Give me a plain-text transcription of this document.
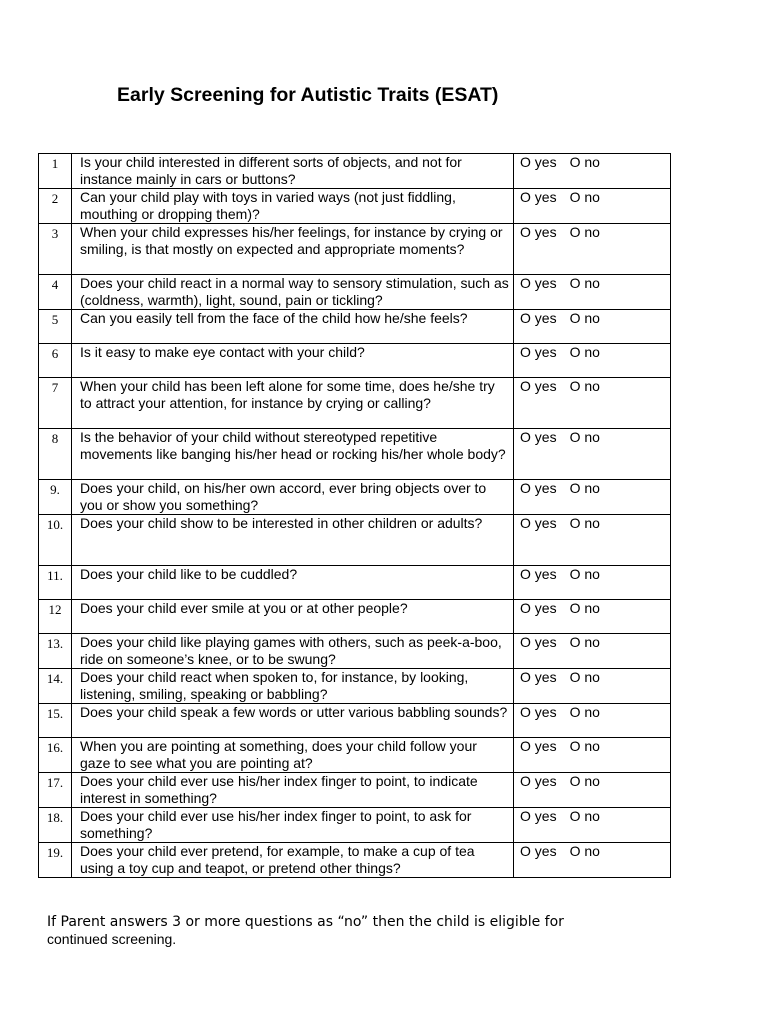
Early Screening for Autistic Traits (ESAT)
1	Is your child interested in different sorts of objects, and not for instance mainly in cars or buttons?	O yes O no

2	Can your child play with toys in varied ways (not just fiddling, mouthing or dropping them)?	O yes O no

3	When your child expresses his/her feelings, for instance by crying or smiling, is that mostly on expected and appropriate moments?	O yes O no

4	Does your child react in a normal way to sensory stimulation, such as (coldness, warmth), light, sound, pain or tickling?	O yes O no

5	Can you easily tell from the face of the child how he/she feels?	O yes O no

6	Is it easy to make eye contact with your child?	O yes O no

7	When your child has been left alone for some time, does he/she try to attract your attention, for instance by crying or calling?	O yes O no

8	Is the behavior of your child without stereotyped repetitive movements like banging his/her head or rocking his/her whole body?	O yes O no

9.	Does your child, on his/her own accord, ever bring objects over to you or show you something?	O yes O no

10.	Does your child show to be interested in other children or adults?	O yes O no

11.	Does your child like to be cuddled?	O yes O no

12	Does your child ever smile at you or at other people?	O yes O no

13.	Does your child like playing games with others, such as peek-a-boo, ride on someone’s knee, or to be swung?	O yes O no

14.	Does your child react when spoken to, for instance, by looking, listening, smiling, speaking or babbling?	O yes O no

15.	Does your child speak a few words or utter various babbling sounds?	O yes O no

16.	When you are pointing at something, does your child follow your gaze to see what you are pointing at?	O yes O no

17.	Does your child ever use his/her index finger to point, to indicate interest in something?	O yes O no

18.	Does your child ever use his/her index finger to point, to ask for something?	O yes O no

19.	Does your child ever pretend, for example, to make a cup of tea using a toy cup and teapot, or pretend other things?	O yes O no
If Parent answers 3 or more questions as “no” then the child is eligible for
continued screening.
